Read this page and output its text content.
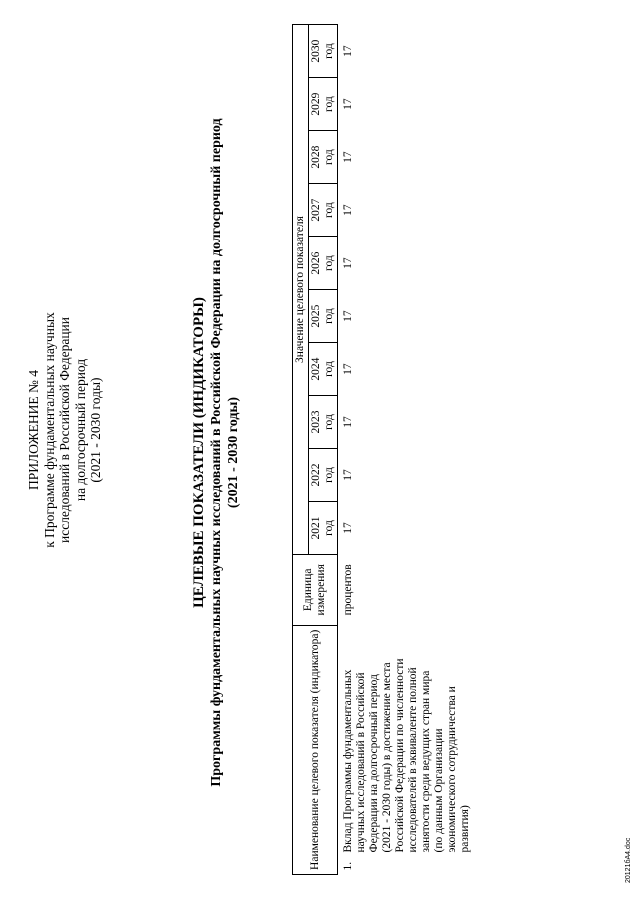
ПРИЛОЖЕНИЕ № 4 к Программе фундаментальных научных исследований в Российской Федерации на долгосрочный период (2021 - 2030 годы)	ЦЕЛЕВЫЕ ПОКАЗАТЕЛИ (ИНДИКАТОРЫ) Программы фундаментальных научных исследований в Российской Федерации на долгосрочный период (2021 - 2030 годы)
Наименование целевого показателя (индикатора)	Единица измерения	Значение целевого показателя									

		2021 год	2022 год	2023 год	2024 год	2025 год	2026 год	2027 год	2028 год	2029 год	2030 год

1.Вклад Программы фундаментальных научных исследований в Российской Федерации на долгосрочный период (2021 - 2030 годы) в достижение места Российской Федерации по численности исследователей в эквиваленте полной занятости среди ведущих стран мира (по данным Организации экономического сотрудничества и развития)	процентов	17	17	17	17	17	17	17	17	17	17
20121бА4.doc
